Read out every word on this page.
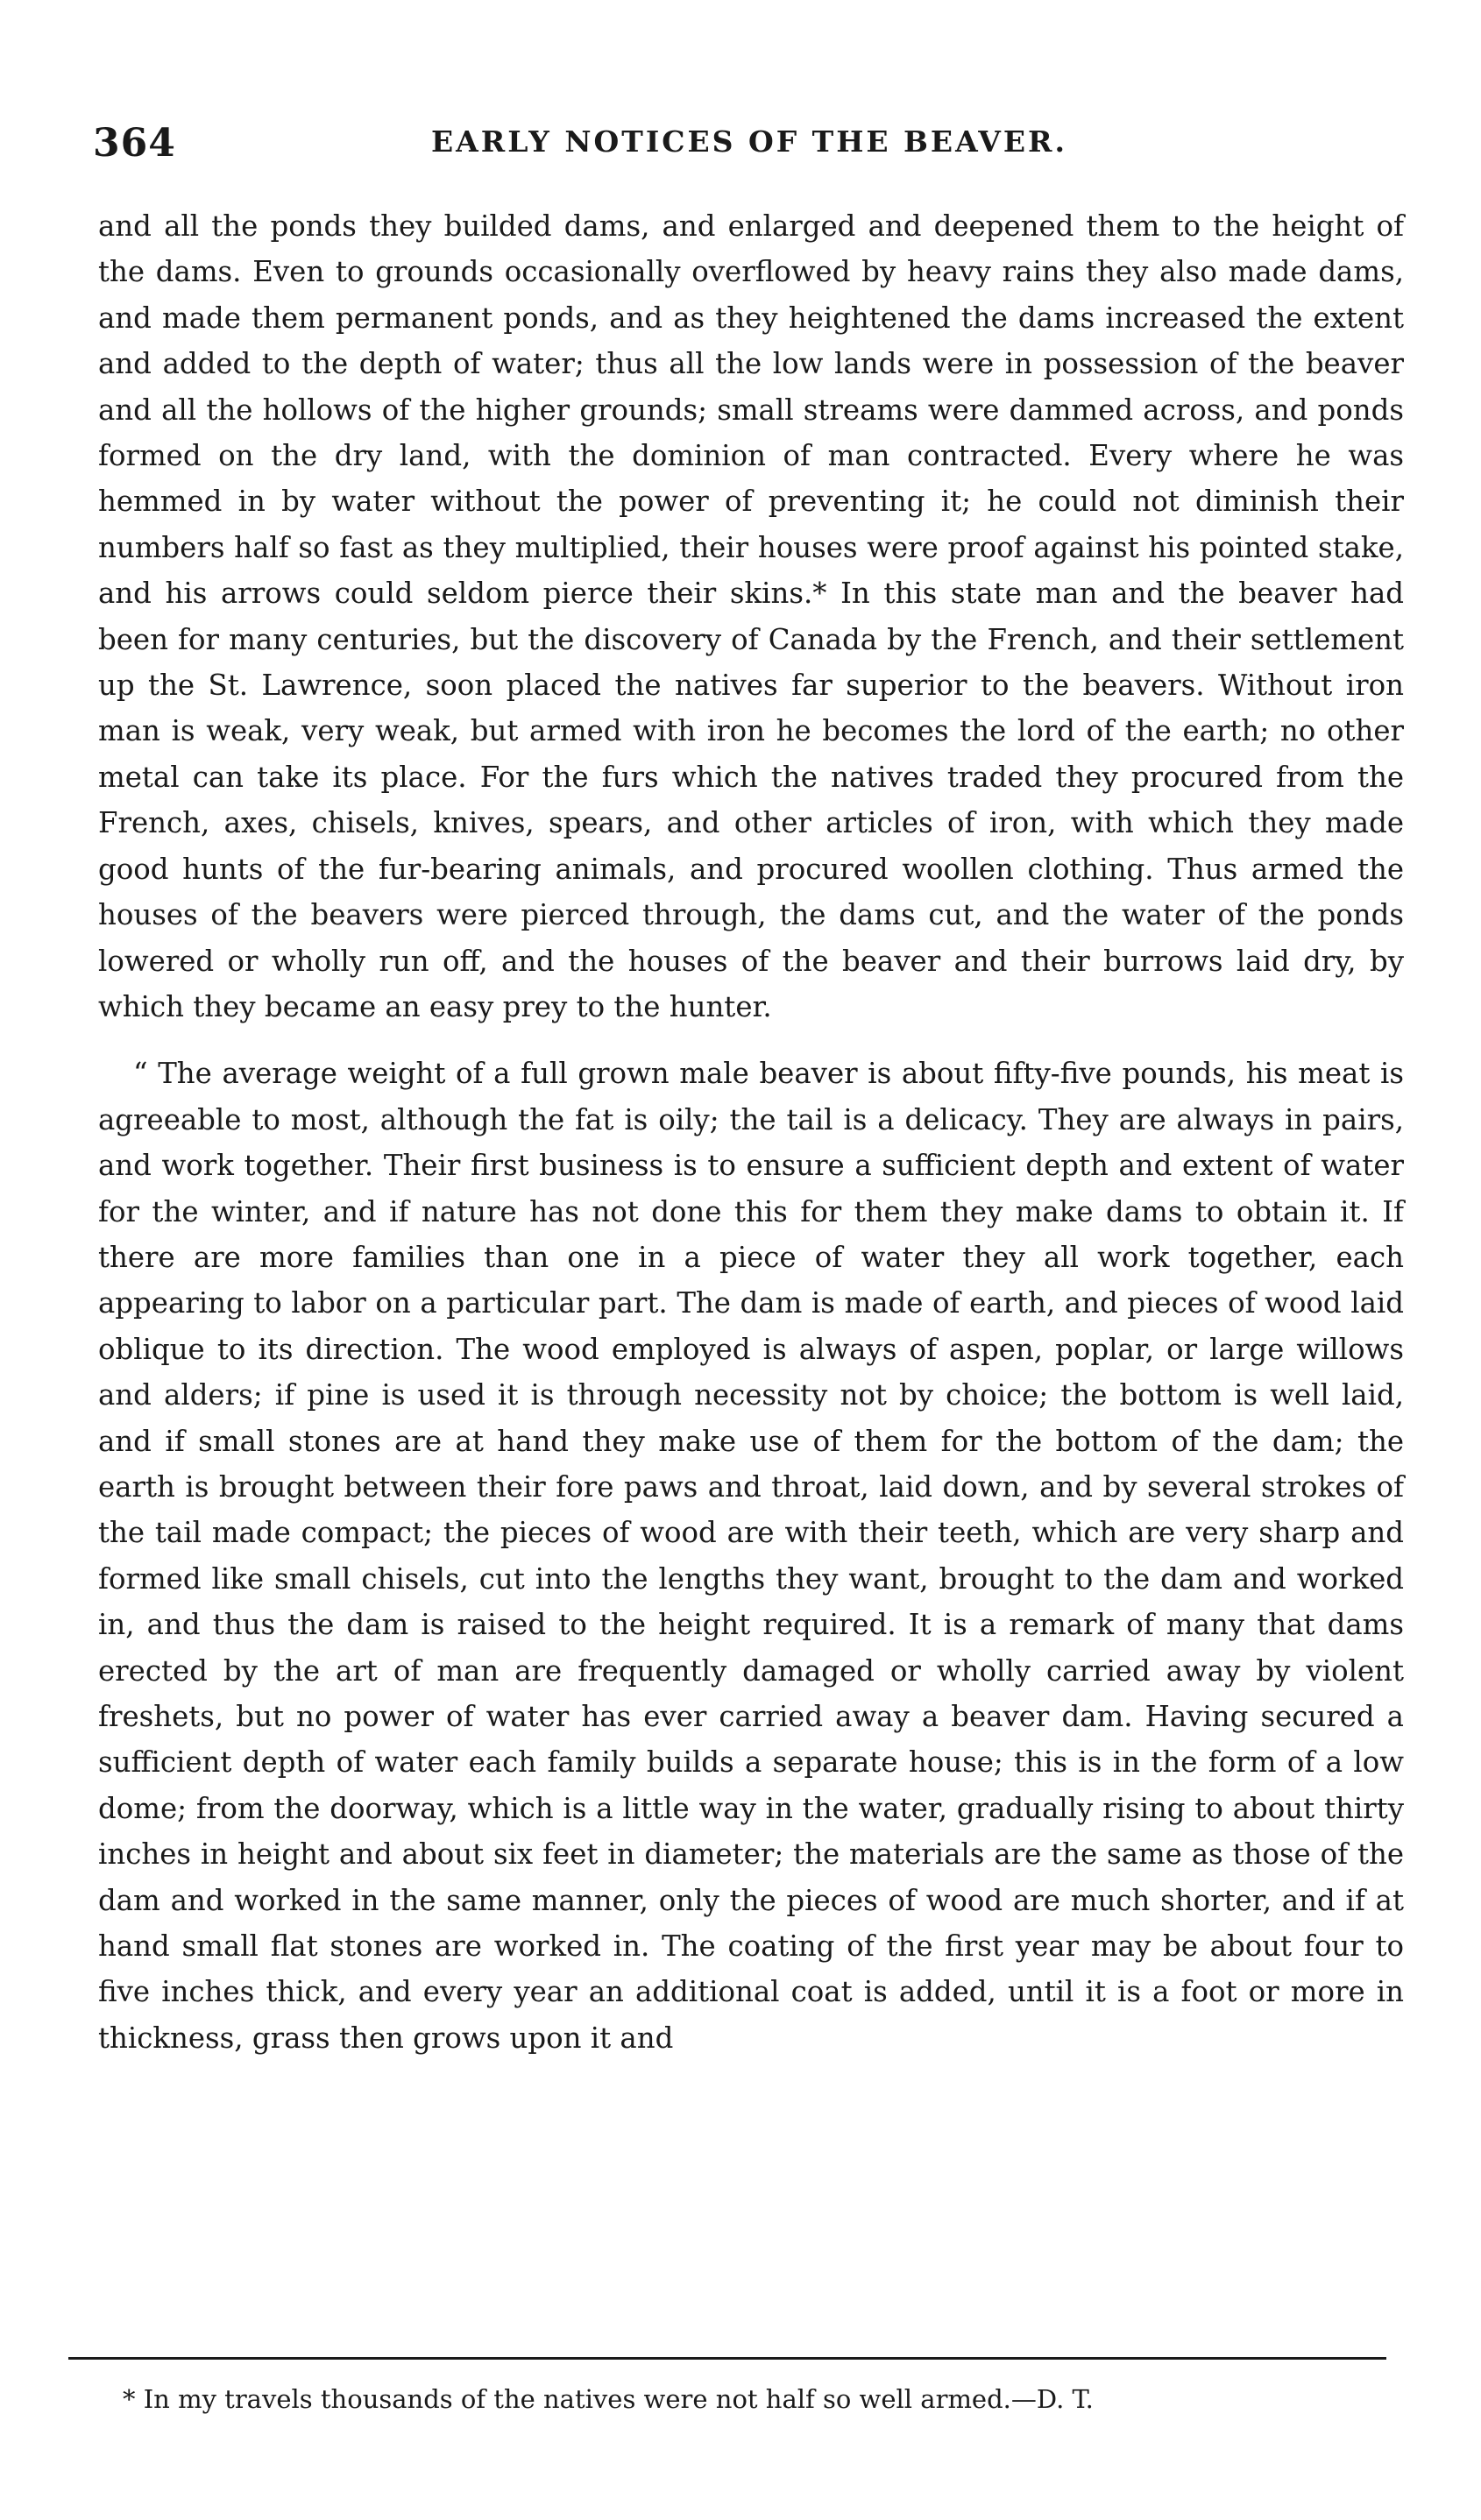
364	EARLY NOTICES OF THE BEAVER.

and all the ponds they builded dams, and enlarged and deepened them to the height of the dams. Even to grounds occasionally overflowed by heavy rains they also made dams, and made them permanent ponds, and as they heightened the dams increased the extent and added to the depth of water; thus all the low lands were in possession of the beaver and all the hollows of the higher grounds; small streams were dammed across, and ponds formed on the dry land, with the dominion of man contracted. Every where he was hemmed in by water without the power of preventing it; he could not diminish their numbers half so fast as they multiplied, their houses were proof against his pointed stake, and his arrows could seldom pierce their skins.* In this state man and the beaver had been for many centuries, but the discovery of Canada by the French, and their settlement up the St. Lawrence, soon placed the natives far superior to the beavers. Without iron man is weak, very weak, but armed with iron he becomes the lord of the earth; no other metal can take its place. For the furs which the natives traded they procured from the French, axes, chisels, knives, spears, and other articles of iron, with which they made good hunts of the fur-bearing animals, and procured woollen clothing. Thus armed the houses of the beavers were pierced through, the dams cut, and the water of the ponds lowered or wholly run off, and the houses of the beaver and their burrows laid dry, by which they became an easy prey to the hunter.

“ The average weight of a full grown male beaver is about fifty-five pounds, his meat is agreeable to most, although the fat is oily; the tail is a delicacy. They are always in pairs, and work together. Their first business is to ensure a sufficient depth and extent of water for the winter, and if nature has not done this for them they make dams to obtain it. If there are more families than one in a piece of water they all work together, each appearing to labor on a particular part. The dam is made of earth, and pieces of wood laid oblique to its direction. The wood employed is always of aspen, poplar, or large willows and alders; if pine is used it is through necessity not by choice; the bottom is well laid, and if small stones are at hand they make use of them for the bottom of the dam; the earth is brought between their fore paws and throat, laid down, and by several strokes of the tail made compact; the pieces of wood are with their teeth, which are very sharp and formed like small chisels, cut into the lengths they want, brought to the dam and worked in, and thus the dam is raised to the height required. It is a remark of many that dams erected by the art of man are frequently damaged or wholly carried away by violent freshets, but no power of water has ever carried away a beaver dam. Having secured a sufficient depth of water each family builds a separate house; this is in the form of a low dome; from the doorway, which is a little way in the water, gradually rising to about thirty inches in height and about six feet in diameter; the materials are the same as those of the dam and worked in the same manner, only the pieces of wood are much shorter, and if at hand small flat stones are worked in. The coating of the first year may be about four to five inches thick, and every year an additional coat is added, until it is a foot or more in thickness, grass then grows upon it and

* In my travels thousands of the natives were not half so well armed.—D. T.
